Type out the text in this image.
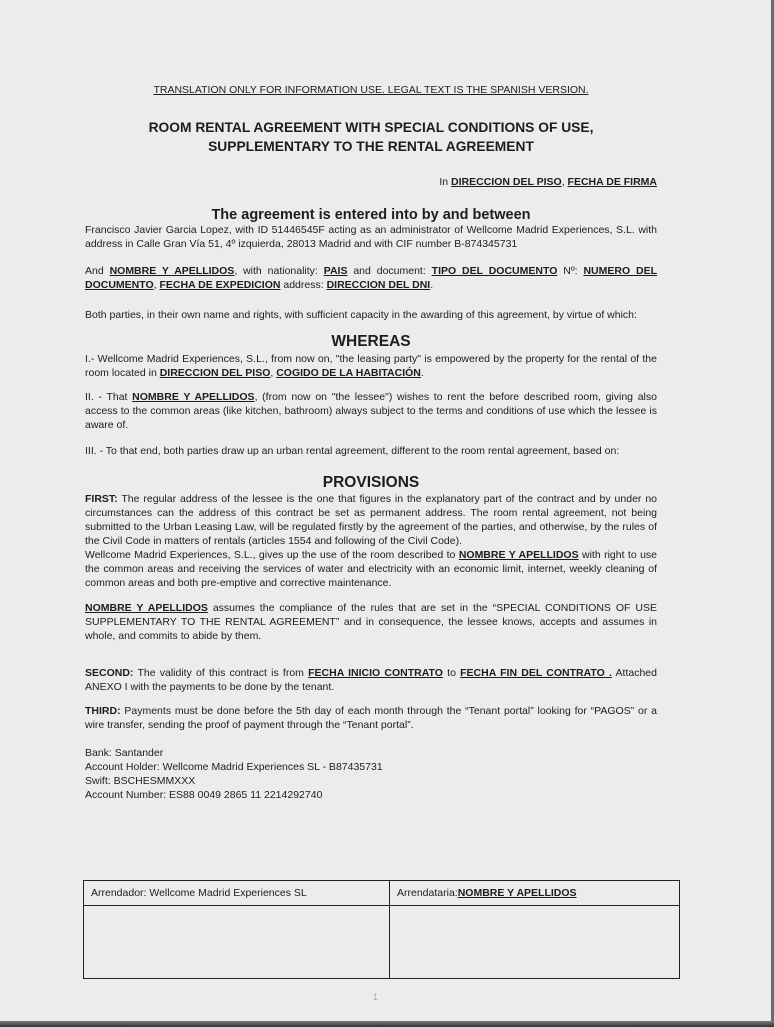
TRANSLATION ONLY FOR INFORMATION USE. LEGAL TEXT IS THE SPANISH VERSION.

ROOM RENTAL AGREEMENT WITH SPECIAL CONDITIONS OF USE,
SUPPLEMENTARY TO THE RENTAL AGREEMENT

In DIRECCION DEL PISO, FECHA DE FIRMA

The agreement is entered into by and between

Francisco Javier Garcia Lopez, with ID 51446545F acting as an administrator of Wellcome Madrid Experiences, S.L. with address in Calle Gran Vía 51, 4º izquierda, 28013 Madrid and with CIF number B-874345731

And NOMBRE Y APELLIDOS, with nationality: PAIS and document: TIPO DEL DOCUMENTO Nº: NUMERO DEL DOCUMENTO, FECHA DE EXPEDICION address: DIRECCION DEL DNI.

Both parties, in their own name and rights, with sufficient capacity in the awarding of this agreement, by virtue of which:

WHEREAS

I.- Wellcome Madrid Experiences, S.L., from now on, "the leasing party" is empowered by the property for the rental of the room located in DIRECCION DEL PISO, COGIDO DE LA HABITACIÓN.

II. - That NOMBRE Y APELLIDOS, (from now on "the lessee") wishes to rent the before described room, giving also access to the common areas (like kitchen, bathroom) always subject to the terms and conditions of use which the lessee is aware of.

III. - To that end, both parties draw up an urban rental agreement, different to the room rental agreement, based on:

PROVISIONS

FIRST: The regular address of the lessee is the one that figures in the explanatory part of the contract and by under no circumstances can the address of this contract be set as permanent address. The room rental agreement, not being submitted to the Urban Leasing Law, will be regulated firstly by the agreement of the parties, and otherwise, by the rules of the Civil Code in matters of rentals (articles 1554 and following of the Civil Code).

Wellcome Madrid Experiences, S.L., gives up the use of the room described to NOMBRE Y APELLIDOS with right to use the common areas and receiving the services of water and electricity with an economic limit, internet, weekly cleaning of common areas and both pre-emptive and corrective maintenance.

NOMBRE Y APELLIDOS assumes the compliance of the rules that are set in the “SPECIAL CONDITIONS OF USE SUPPLEMENTARY TO THE RENTAL AGREEMENT” and in consequence, the lessee knows, accepts and assumes in whole, and commits to abide by them.

SECOND: The validity of this contract is from FECHA INICIO CONTRATO to FECHA FIN DEL CONTRATO . Attached ANEXO I with the payments to be done by the tenant.

THIRD: Payments must be done before the 5th day of each month through the “Tenant portal” looking for “PAGOS” or a wire transfer, sending the proof of payment through the “Tenant portal”.

Bank: Santander
Account Holder: Wellcome Madrid Experiences SL - B87435731
Swift: BSCHESMMXXX
Account Number: ES88 0049 2865 11 2214292740
Arrendador: Wellcome Madrid Experiences SL	Arrendataria: NOMBRE Y APELLIDOS
1
